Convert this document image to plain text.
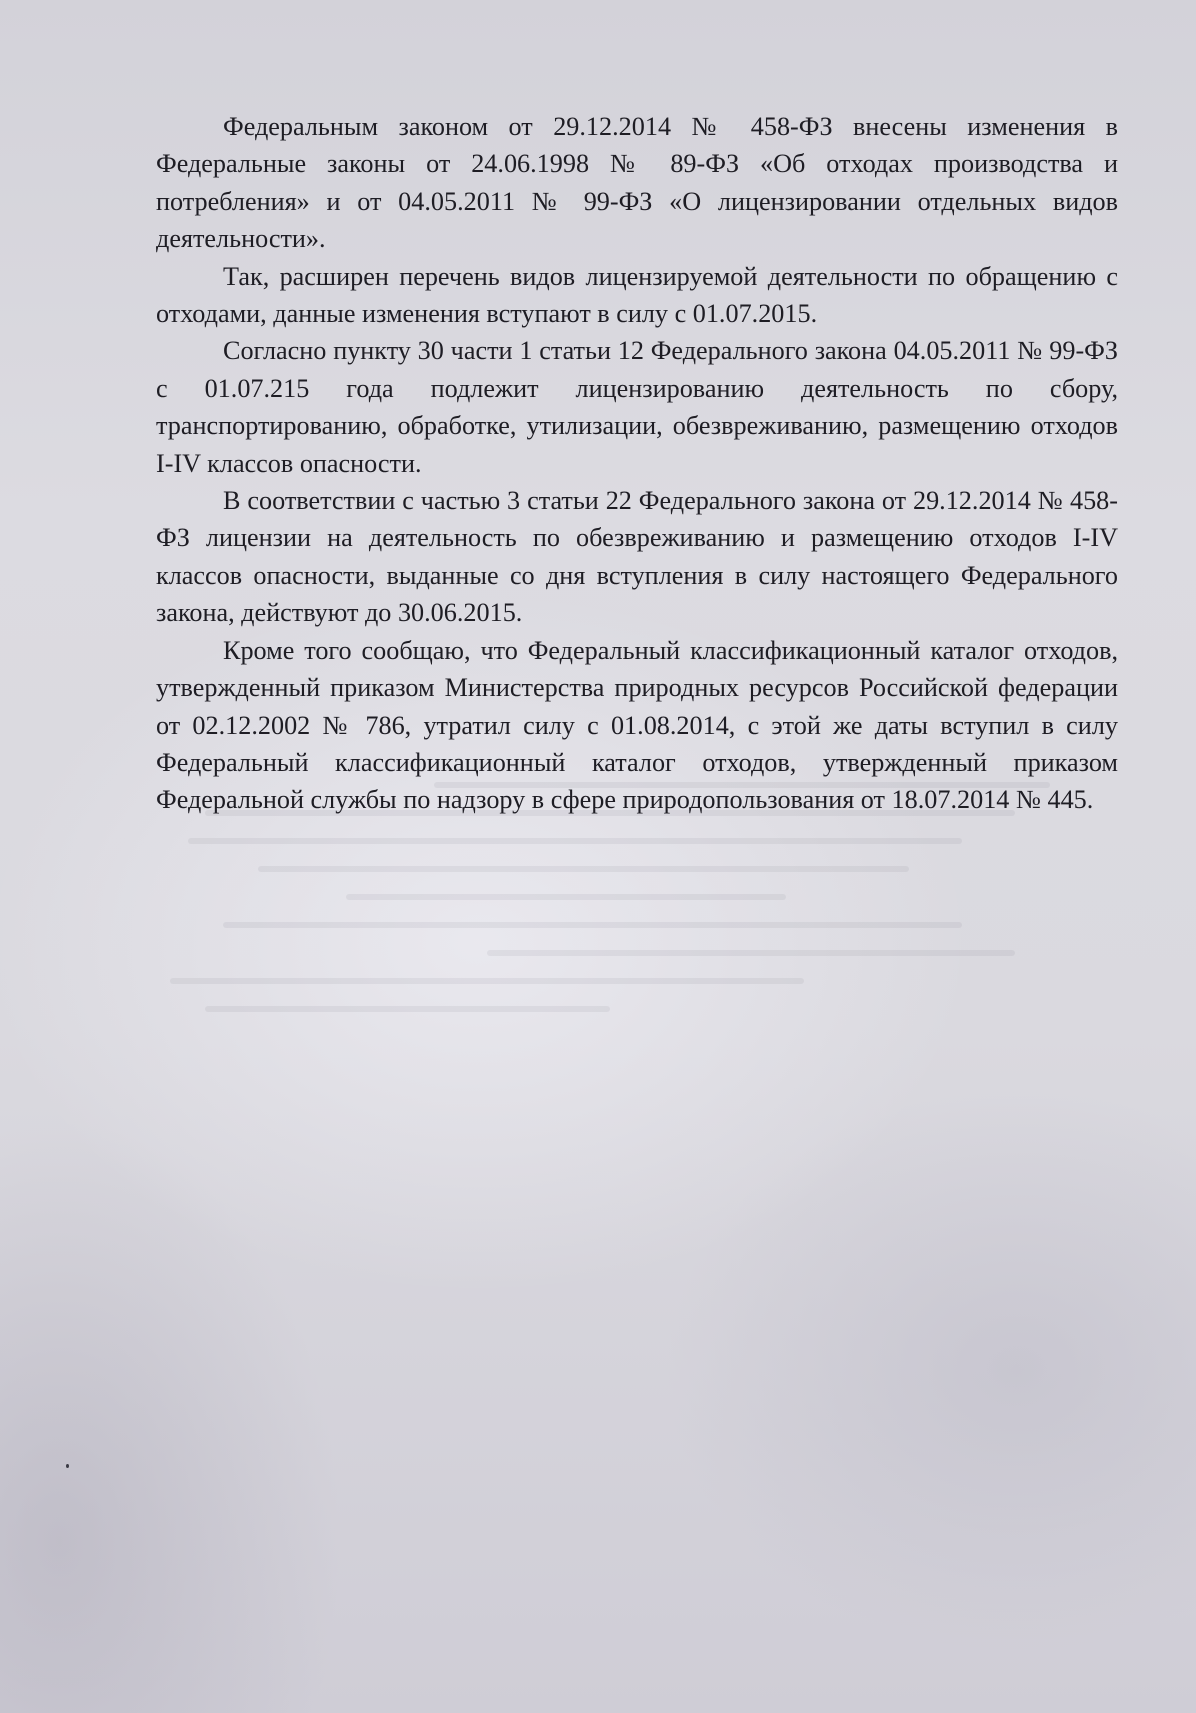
Федеральным законом от 29.12.2014 № 458-ФЗ внесены изменения в Федеральные законы от 24.06.1998 № 89-ФЗ «Об отходах производства и потребления» и от 04.05.2011 № 99-ФЗ «О лицензировании отдельных видов деятельности».

Так, расширен перечень видов лицензируемой деятельности по обращению с отходами, данные изменения вступают в силу с 01.07.2015.

Согласно пункту 30 части 1 статьи 12 Федерального закона 04.05.2011 № 99-ФЗ с 01.07.215 года подлежит лицензированию деятельность по сбору, транспортированию, обработке, утилизации, обезвреживанию, размещению отходов I-IV классов опасности.

В соответствии с частью 3 статьи 22 Федерального закона от 29.12.2014 № 458-ФЗ лицензии на деятельность по обезвреживанию и размещению отходов I-IV классов опасности, выданные со дня вступления в силу настоящего Федерального закона, действуют до 30.06.2015.

Кроме того сообщаю, что Федеральный классификационный каталог отходов, утвержденный приказом Министерства природных ресурсов Российской федерации от 02.12.2002 № 786, утратил силу с 01.08.2014, с этой же даты вступил в силу Федеральный классификационный каталог отходов, утвержденный приказом Федеральной службы по надзору в сфере природопользования от 18.07.2014 № 445.
